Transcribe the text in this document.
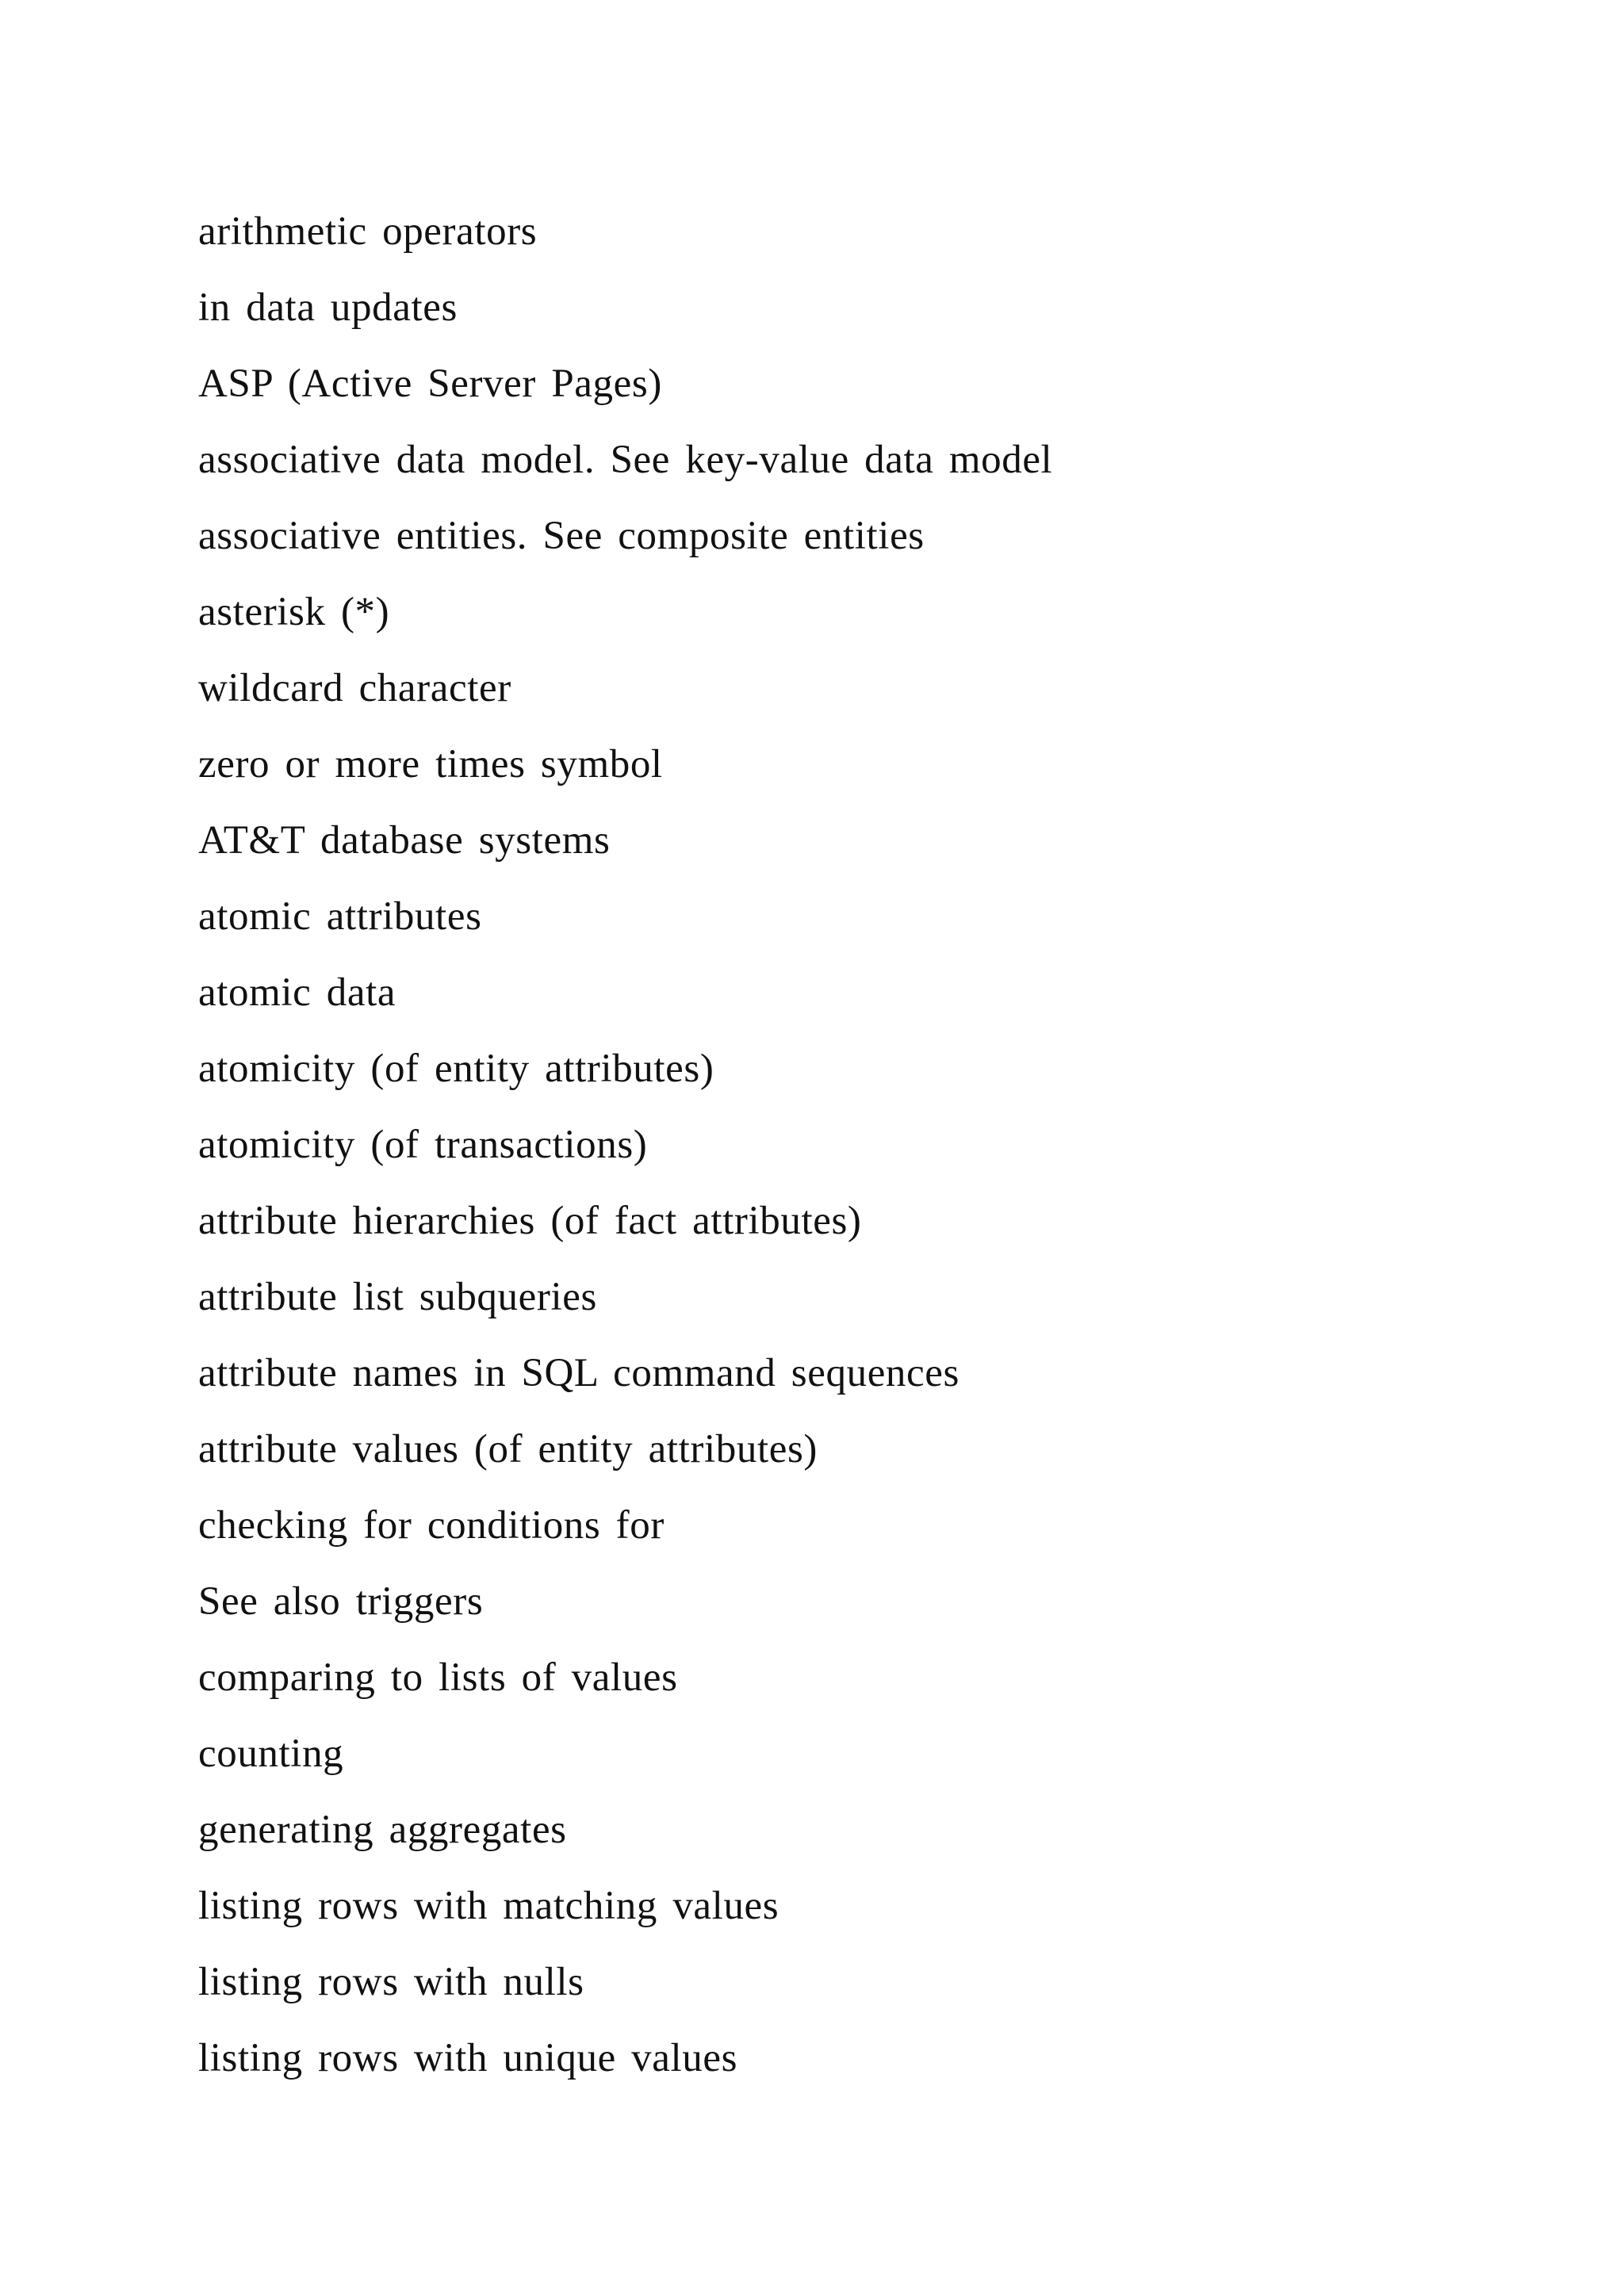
arithmetic operators
in data updates
ASP (Active Server Pages)
associative data model. See key-value data model
associative entities. See composite entities
asterisk (*)
wildcard character
zero or more times symbol
AT&T database systems
atomic attributes
atomic data
atomicity (of entity attributes)
atomicity (of transactions)
attribute hierarchies (of fact attributes)
attribute list subqueries
attribute names in SQL command sequences
attribute values (of entity attributes)
checking for conditions for
See also triggers
comparing to lists of values
counting
generating aggregates
listing rows with matching values
listing rows with nulls
listing rows with unique values
